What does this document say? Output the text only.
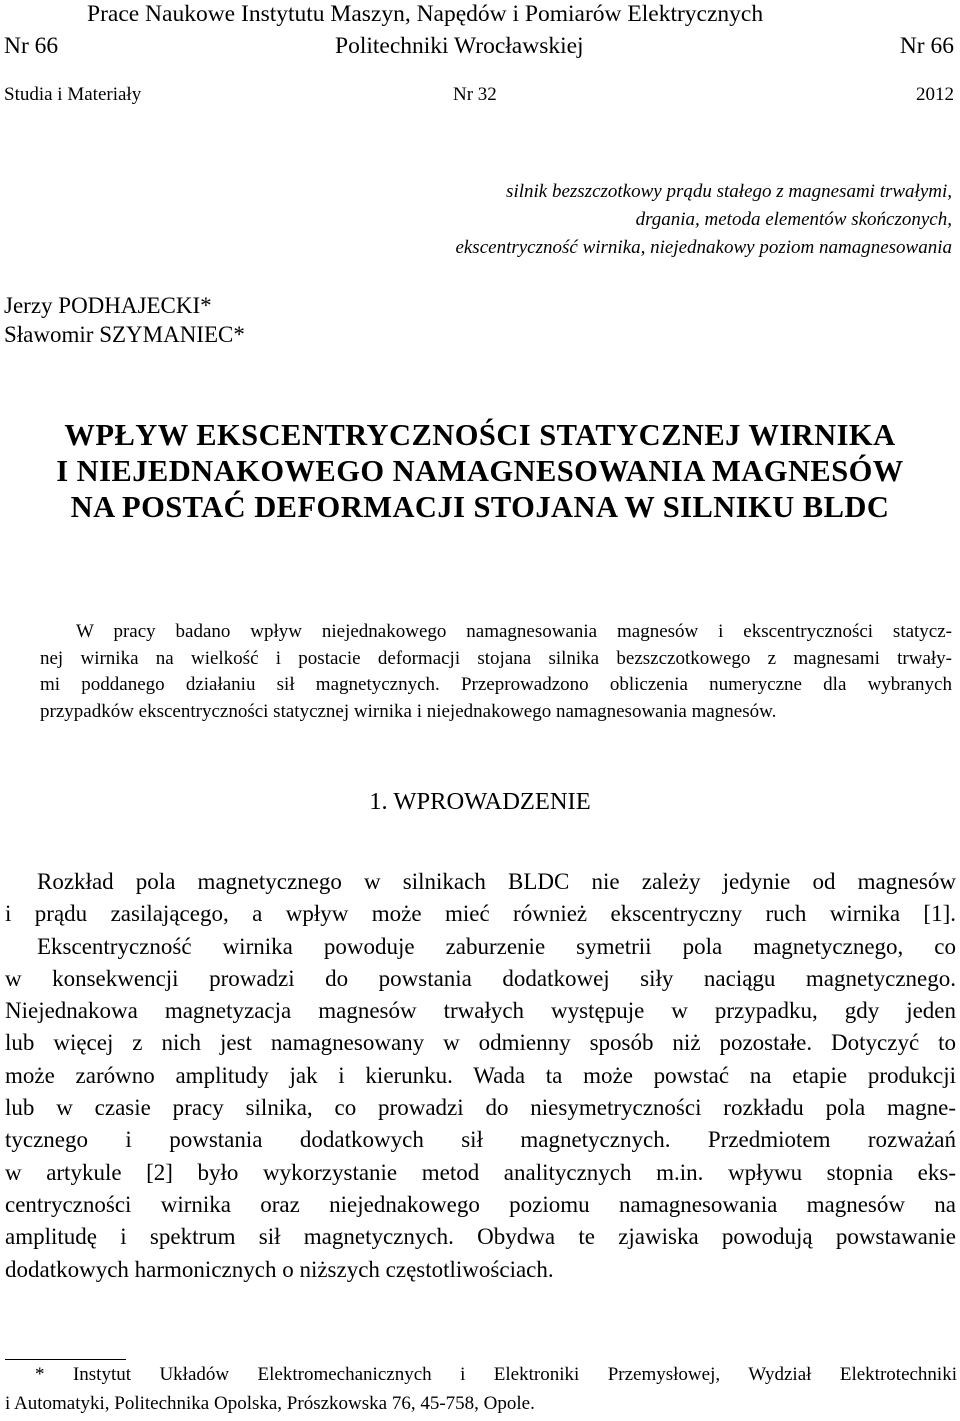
Prace Naukowe Instytutu Maszyn, Napędów i Pomiarów Elektrycznych
Nr 66	Politechniki Wrocławskiej	Nr 66
Studia i Materiały	Nr 32	2012
silnik bezszczotkowy prądu stałego z magnesami trwałymi,
drgania, metoda elementów skończonych,
ekscentryczność wirnika, niejednakowy poziom namagnesowania
Jerzy PODHAJECKI*
Sławomir SZYMANIEC*
WPŁYW EKSCENTRYCZNOŚCI STATYCZNEJ WIRNIKA
I NIEJEDNAKOWEGO NAMAGNESOWANIA MAGNESÓW
NA POSTAĆ DEFORMACJI STOJANA W SILNIKU BLDC
W pracy badano wpływ niejednakowego namagnesowania magnesów i ekscentryczności statycz-
nej wirnika na wielkość i postacie deformacji stojana silnika bezszczotkowego z magnesami trwały-
mi poddanego działaniu sił magnetycznych. Przeprowadzono obliczenia numeryczne dla wybranych
przypadków ekscentryczności statycznej wirnika i niejednakowego namagnesowania magnesów.
1. WPROWADZENIE
Rozkład pola magnetycznego w silnikach BLDC nie zależy jedynie od magnesów
i prądu zasilającego, a wpływ może mieć również ekscentryczny ruch wirnika [1].
Ekscentryczność wirnika powoduje zaburzenie symetrii pola magnetycznego, co
w konsekwencji prowadzi do powstania dodatkowej siły naciągu magnetycznego.
Niejednakowa magnetyzacja magnesów trwałych występuje w przypadku, gdy jeden
lub więcej z nich jest namagnesowany w odmienny sposób niż pozostałe. Dotyczyć to
może zarówno amplitudy jak i kierunku. Wada ta może powstać na etapie produkcji
lub w czasie pracy silnika, co prowadzi do niesymetryczności rozkładu pola magne-
tycznego i powstania dodatkowych sił magnetycznych. Przedmiotem rozważań
w artykule [2] było wykorzystanie metod analitycznych m.in. wpływu stopnia eks-
centryczności wirnika oraz niejednakowego poziomu namagnesowania magnesów na
amplitudę i spektrum sił magnetycznych. Obydwa te zjawiska powodują powstawanie
dodatkowych harmonicznych o niższych częstotliwościach.
* Instytut Układów Elektromechanicznych i Elektroniki Przemysłowej, Wydział Elektrotechniki
i Automatyki, Politechnika Opolska, Prószkowska 76, 45-758, Opole.
